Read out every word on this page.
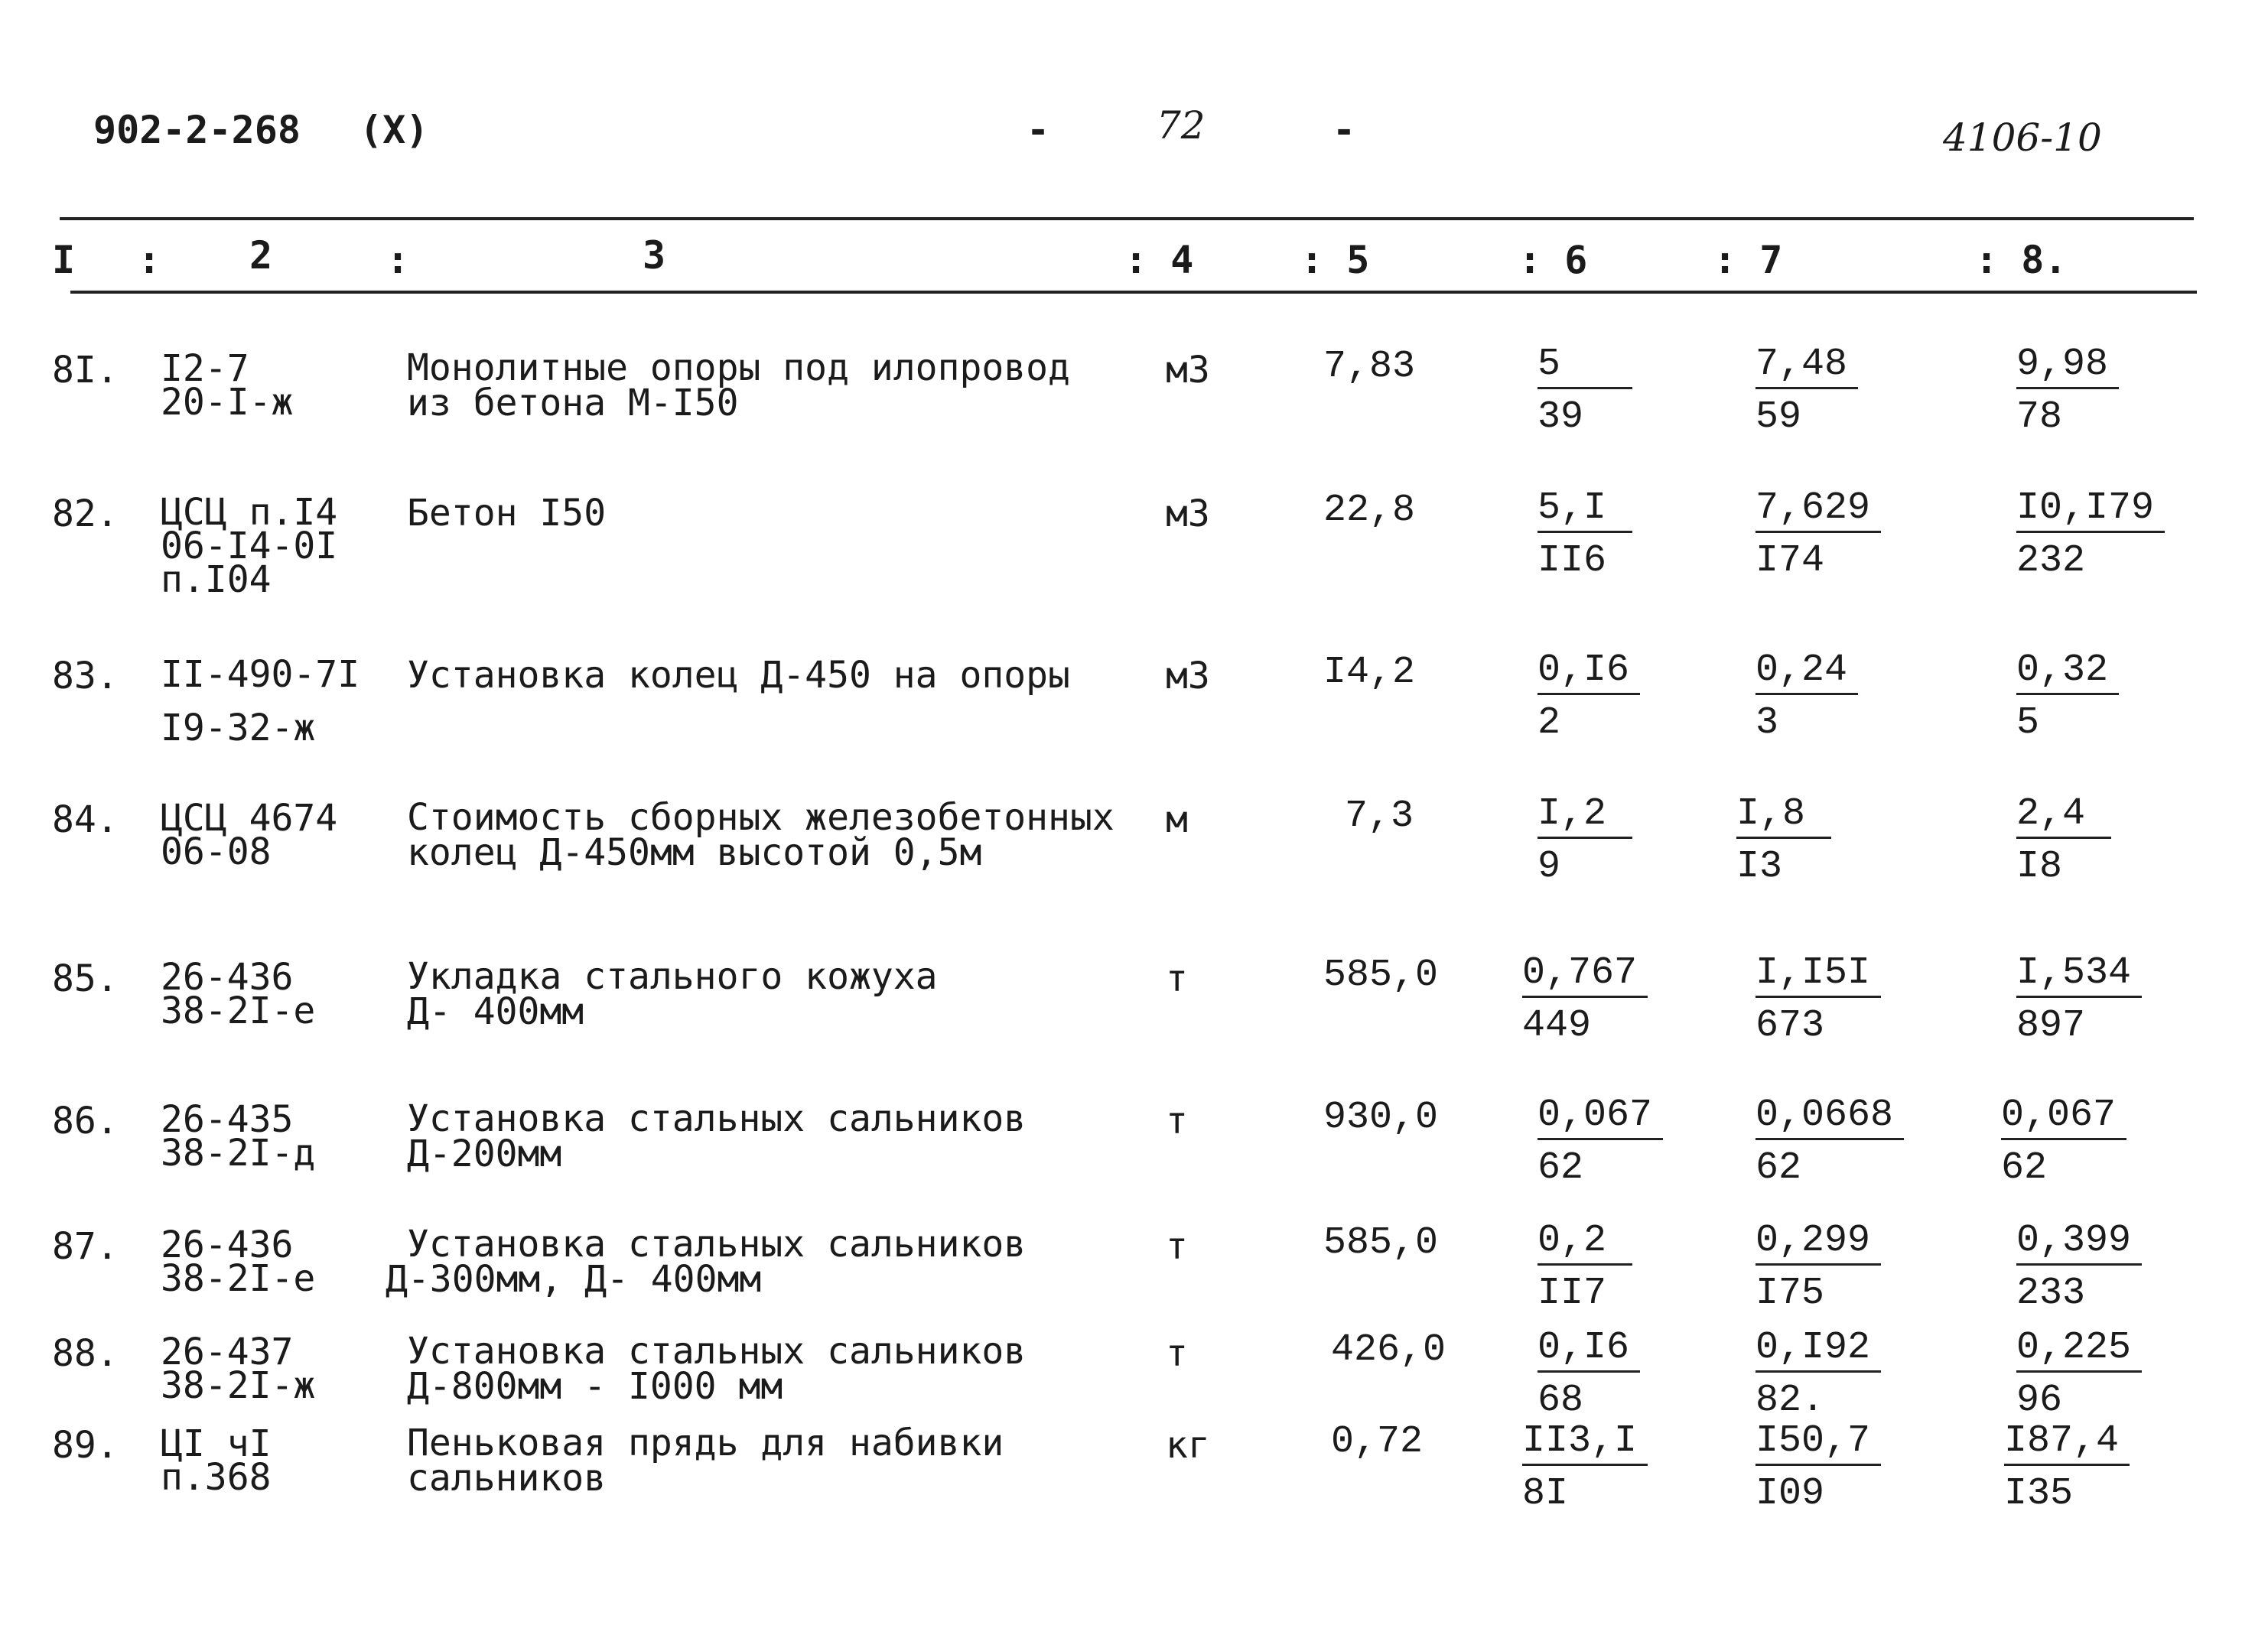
902-2-268 (X)	-	72	-	4106-10
I : 2	:	3	: 4	: 5	: 6	: 7	: 8.
8I. I2-7
20-I-ж
Монолитные опоры под илопровод
из бетона М-I50
м3	7,83	$\frac{5}{39} \frac{7,48}{59} \frac{9,98}{78}$
82. ЦСЦ п.I4
06-I4-0I
п.I04
Бетон I50	м3	22,8	$\frac{5,I}{II6} \frac{7,629}{I74} \frac{I0,I79}{232}$
83. II-490-7I
I9-32-ж
Установка колец Д-450 на опоры	м3	I4,2	$\frac{0,I6}{2} \frac{0,24}{3} \frac{0,32}{5}$
84. ЦСЦ 4674
06-08
Стоимость сборных железобетонных
колец Д-450мм высотой 0,5м
м	7,3	$\frac{I,2}{9} \frac{I,8}{I3}$	$\frac{2,4}{I8}$
85. 26-436
38-2I-е
Укладка стального кожуха
Д- 400мм
т	$585,0 \frac{0,767}{449} \frac{I,I5I}{673} \frac{I,534}{897}$
86. 26-435
38-2I-д
Установка стальных сальников
Д-200мм
т	930,0	$\frac{0,067}{62} \frac{0,0668}{62} \frac{0,067}{62}$
87. 26-436
38-2I-е
Установка стальных сальников
Д-300мм, Д- 400мм
т	585,0	$\frac{0,2}{II7} \frac{0,299}{I75} \frac{0,399}{233}$
88. 26-437
38-2I-ж
Установка стальных сальников
Д-800мм - I000 мм
т	$426,0 \frac{0,I6}{68} \frac{0,I92}{82.} \frac{0,225}{96}$
89. ЦI чI
п.368
Пеньковая прядь для набивки
сальников
кг	0,72	$\frac{II3,I}{8I} \frac{I50,7}{I09} \frac{I87,4}{I35}$
